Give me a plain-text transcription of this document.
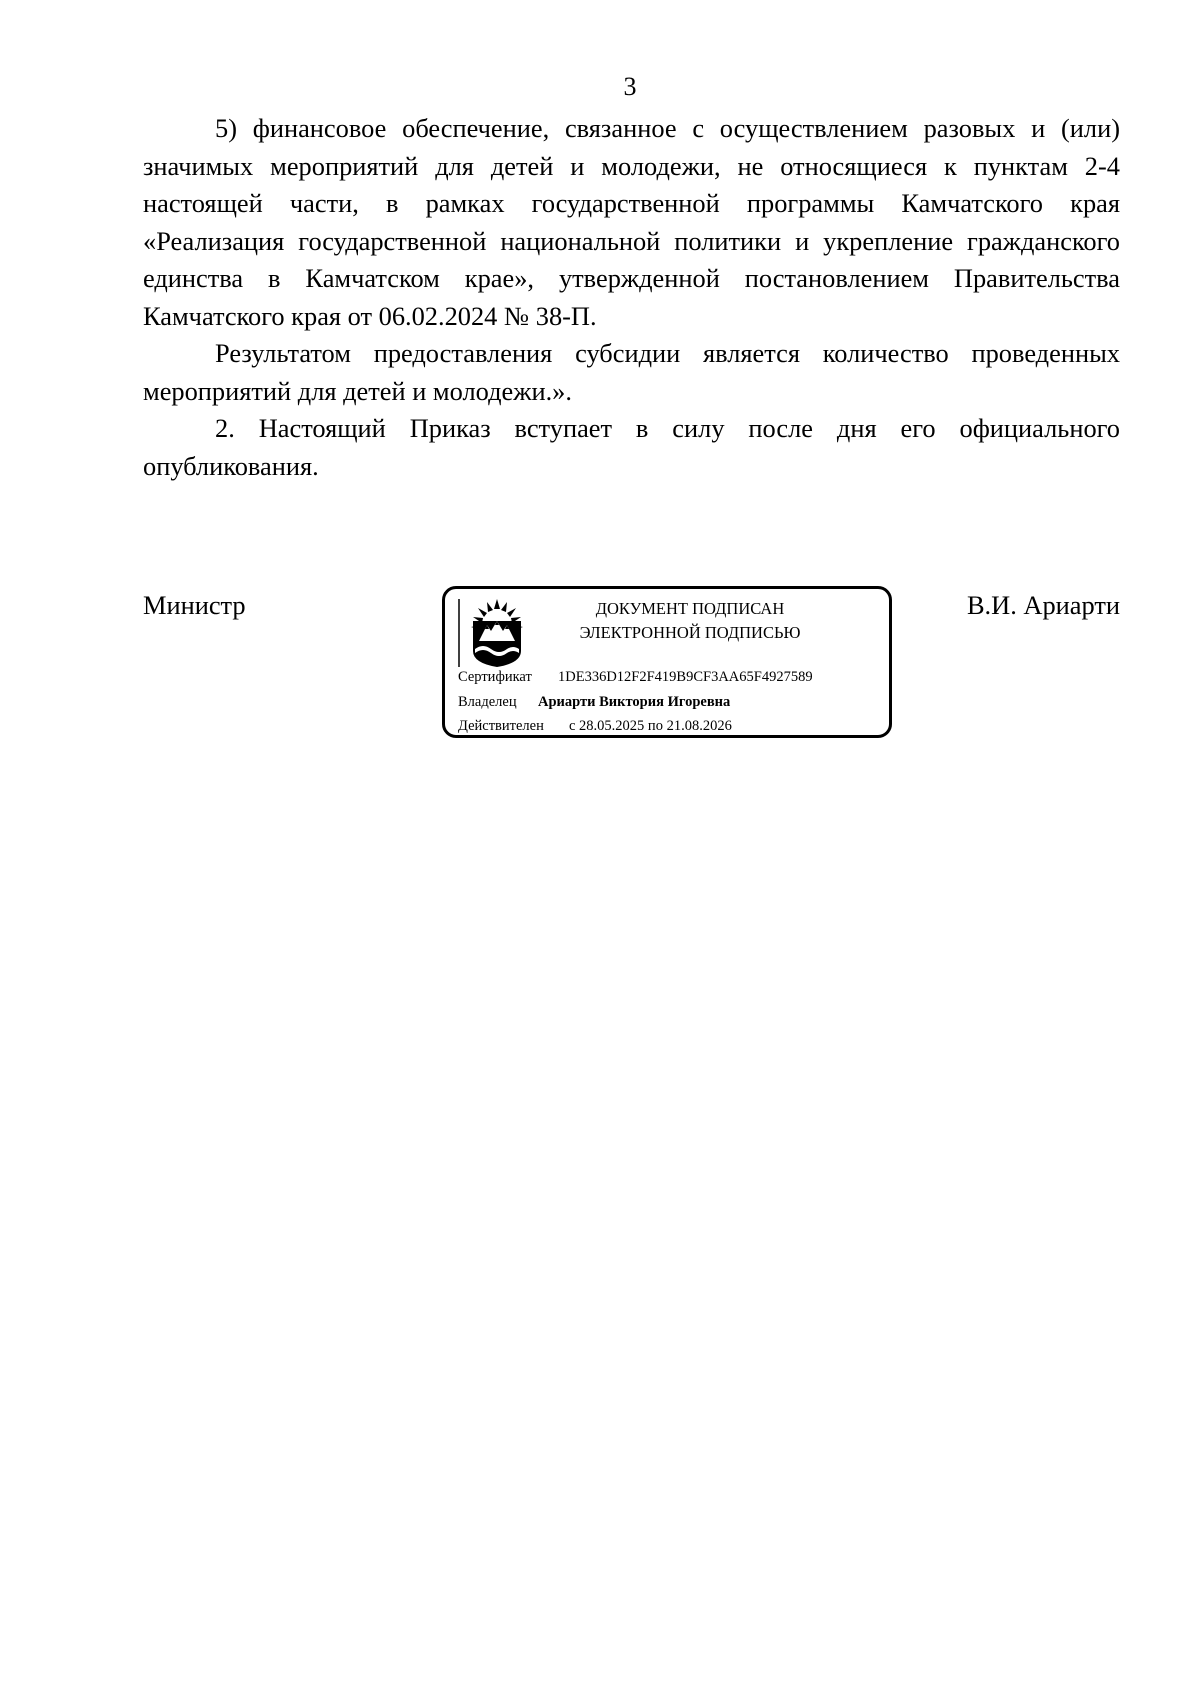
3

5) финансовое обеспечение, связанное с осуществлением разовых и (или) значимых мероприятий для детей и молодежи, не относящиеся к пунктам 2-4 настоящей части, в рамках государственной программы Камчатского края «Реализация государственной национальной политики и укрепление гражданского единства в Камчатском крае», утвержденной постановлением Правительства Камчатского края от 06.02.2024 № 38-П.

Результатом предоставления субсидии является количество проведенных мероприятий для детей и молодежи.».

2. Настоящий Приказ вступает в силу после дня его официального опубликования.

Министр	ДОКУМЕНТ ПОДПИСАН
ЭЛЕКТРОННОЙ ПОДПИСЬЮ
Сертификат 1DE336D12F2F419B9CF3AA65F4927589
Владелец Ариарти Виктория Игоревна
Действителен с 28.05.2025 по 21.08.2026
В.И. Ариарти
